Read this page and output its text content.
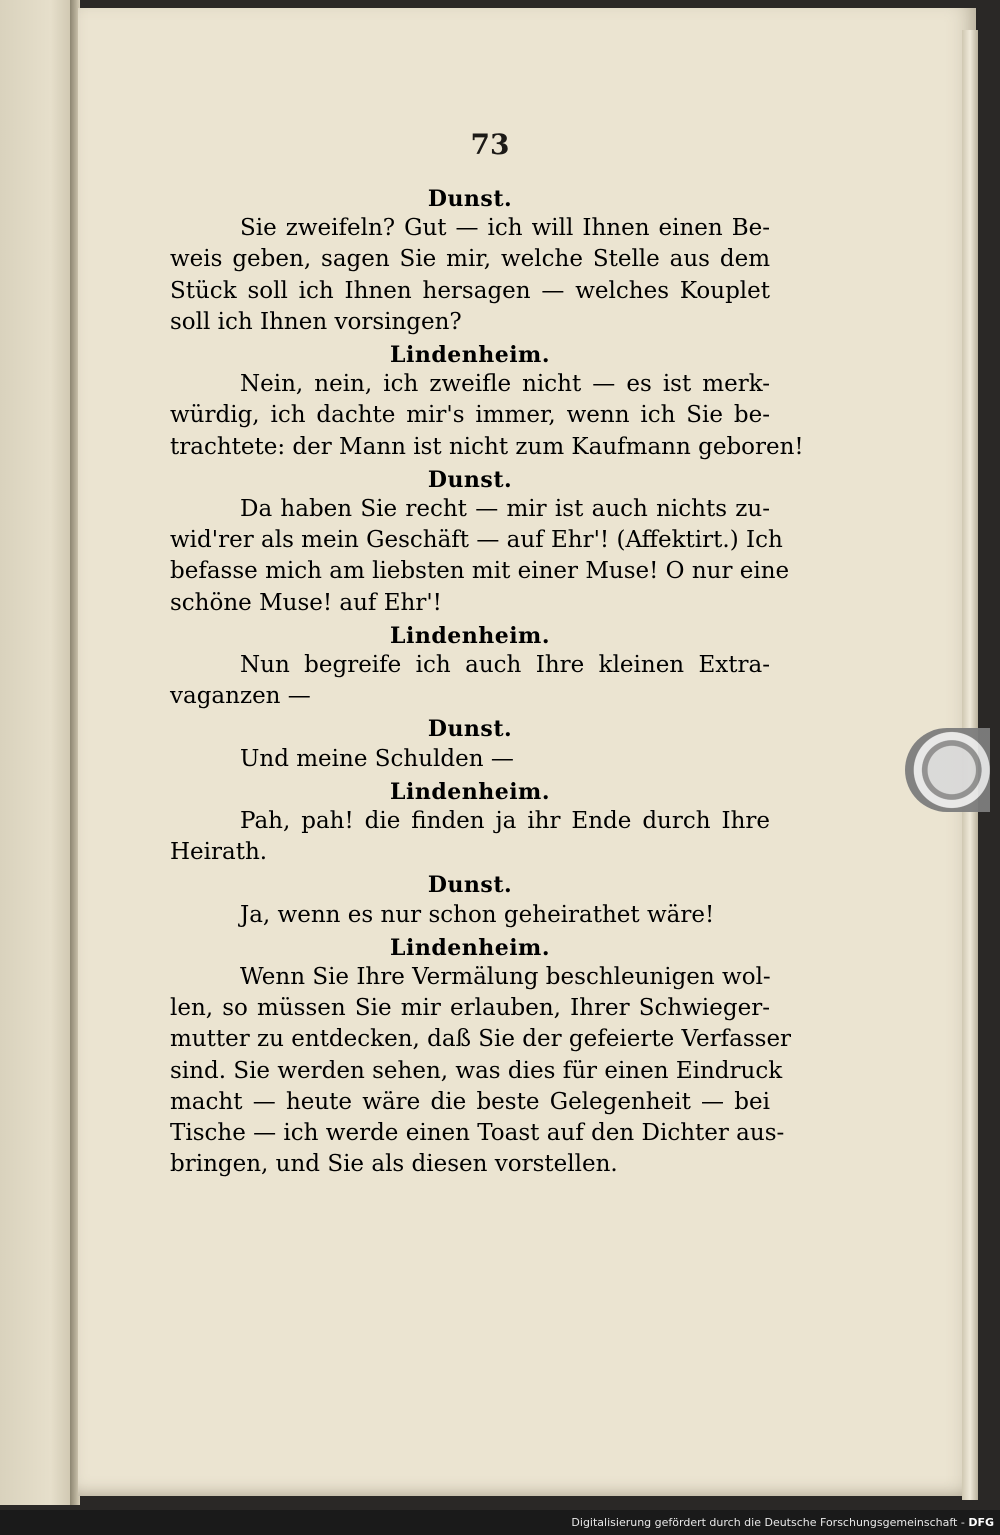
73
Dunst.
Sie zweifeln? Gut — ich will Ihnen einen Be-
weis geben, sagen Sie mir, welche Stelle aus dem
Stück soll ich Ihnen hersagen — welches Kouplet
soll ich Ihnen vorsingen?
Lindenheim.
Nein, nein, ich zweifle nicht — es ist merk-
würdig, ich dachte mir's immer, wenn ich Sie be-
trachtete: der Mann ist nicht zum Kaufmann geboren!
Dunst.
Da haben Sie recht — mir ist auch nichts zu-
wid'rer als mein Geschäft — auf Ehr'! (Affektirt.) Ich
befasse mich am liebsten mit einer Muse! O nur eine
schöne Muse! auf Ehr'!
Lindenheim.
Nun begreife ich auch Ihre kleinen Extra-
vaganzen —
Dunst.
Und meine Schulden —
Lindenheim.
Pah, pah! die finden ja ihr Ende durch Ihre
Heirath.
Dunst.
Ja, wenn es nur schon geheirathet wäre!
Lindenheim.
Wenn Sie Ihre Vermälung beschleunigen wol-
len, so müssen Sie mir erlauben, Ihrer Schwieger-
mutter zu entdecken, daß Sie der gefeierte Verfasser
sind. Sie werden sehen, was dies für einen Eindruck
macht — heute wäre die beste Gelegenheit — bei
Tische — ich werde einen Toast auf den Dichter aus-
bringen, und Sie als diesen vorstellen.
Digitalisierung gefördert durch die Deutsche Forschungsgemeinschaft - DFG
